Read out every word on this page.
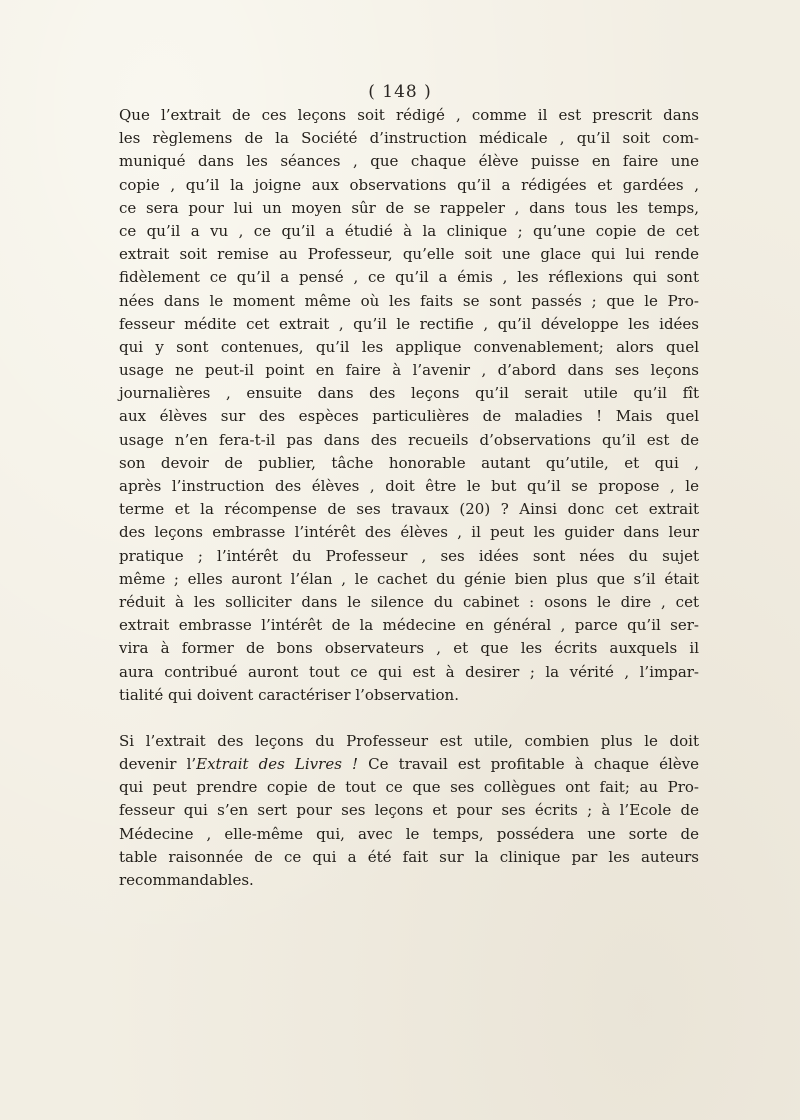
( 148 )
Que l’extrait de ces leçons soit rédigé , comme il est prescrit dans
les règlemens de la Société d’instruction médicale , qu’il soit com-
muniqué dans les séances , que chaque élève puisse en faire une
copie , qu’il la joigne aux observations qu’il a rédigées et gardées ,
ce sera pour lui un moyen sûr de se rappeler , dans tous les temps,
ce qu’il a vu , ce qu’il a étudié à la clinique ; qu’une copie de cet
extrait soit remise au Professeur, qu’elle soit une glace qui lui rende
fidèlement ce qu’il a pensé , ce qu’il a émis , les réflexions qui sont
nées dans le moment même où les faits se sont passés ; que le Pro-
fesseur médite cet extrait , qu’il le rectifie , qu’il développe les idées
qui y sont contenues, qu’il les applique convenablement; alors quel
usage ne peut-il point en faire à l’avenir , d’abord dans ses leçons
journalières , ensuite dans des leçons qu’il serait utile qu’il fît
aux élèves sur des espèces particulières de maladies ! Mais quel
usage n’en fera-t-il pas dans des recueils d’observations qu’il est de
son devoir de publier, tâche honorable autant qu’utile, et qui ,
après l’instruction des élèves , doit être le but qu’il se propose , le
terme et la récompense de ses travaux (20) ? Ainsi donc cet extrait
des leçons embrasse l’intérêt des élèves , il peut les guider dans leur
pratique ; l’intérêt du Professeur , ses idées sont nées du sujet
même ; elles auront l’élan , le cachet du génie bien plus que s’il était
réduit à les solliciter dans le silence du cabinet : osons le dire , cet
extrait embrasse l’intérêt de la médecine en général , parce qu’il ser-
vira à former de bons observateurs , et que les écrits auxquels il
aura contribué auront tout ce qui est à desirer ; la vérité , l’impar-
tialité qui doivent caractériser l’observation.
Si l’extrait des leçons du Professeur est utile, combien plus le doit
devenir l’Extrait des Livres ! Ce travail est profitable à chaque élève
qui peut prendre copie de tout ce que ses collègues ont fait; au Pro-
fesseur qui s’en sert pour ses leçons et pour ses écrits ; à l’Ecole de
Médecine , elle-même qui, avec le temps, possédera une sorte de
table raisonnée de ce qui a été fait sur la clinique par les auteurs
recommandables.
